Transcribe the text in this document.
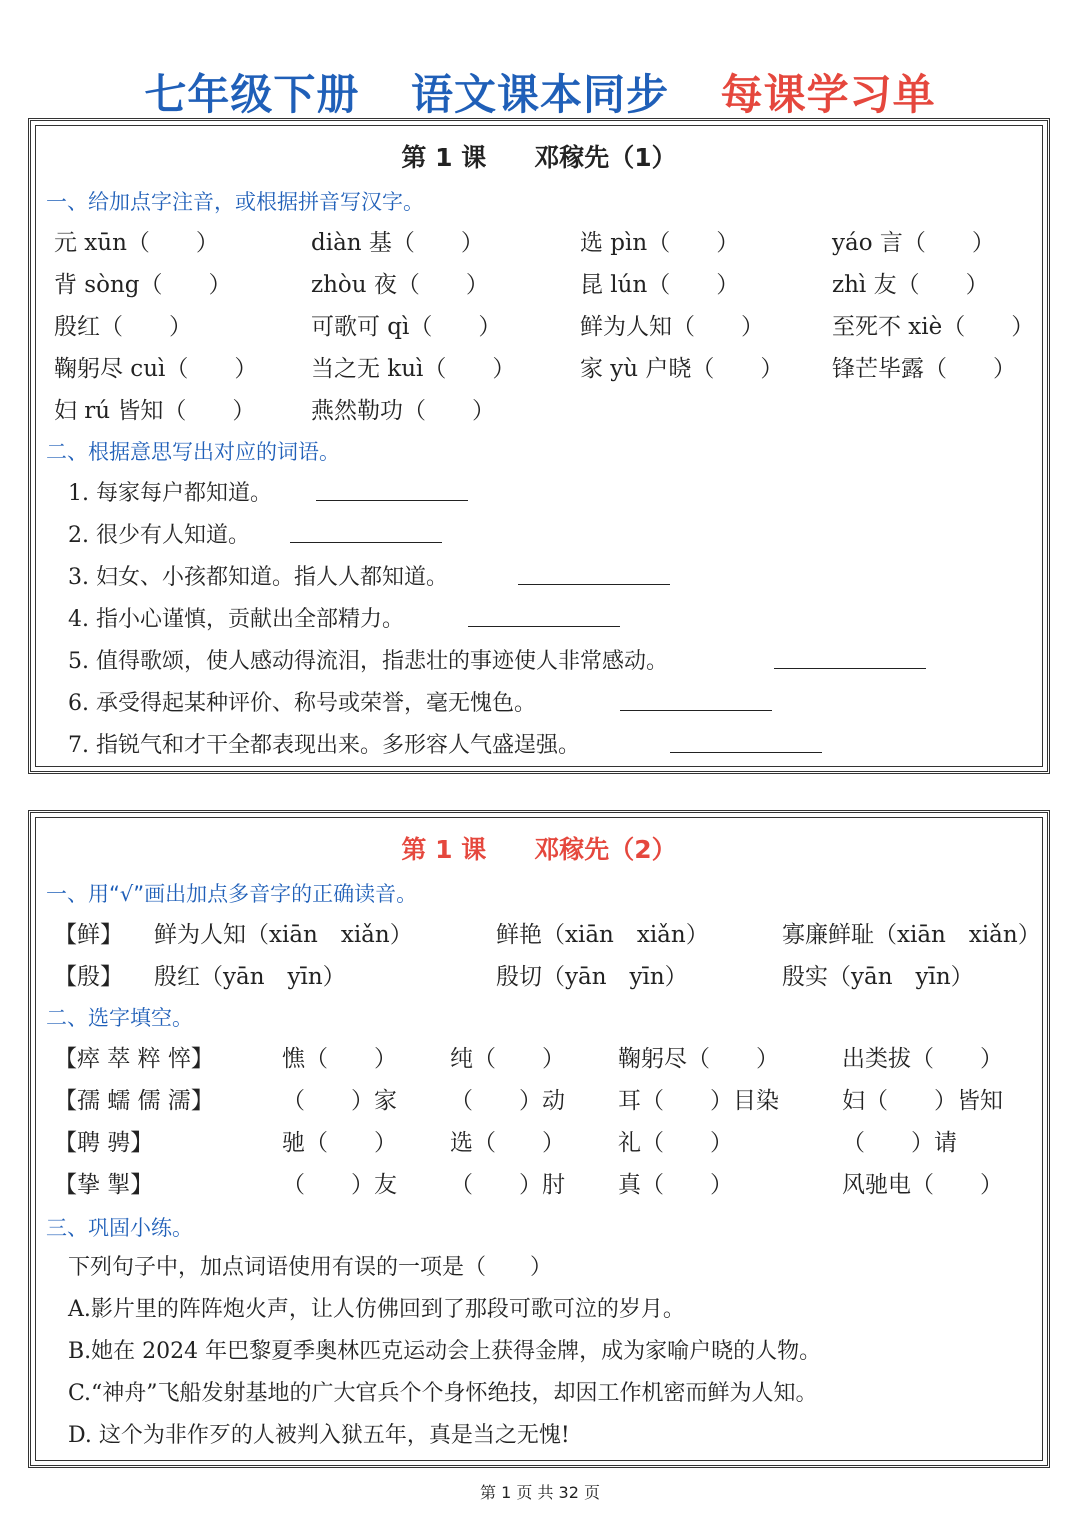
七年级下册 语文课本同步 每课学习单
第 1 课 邓稼先（1）
一、给加点字注音，或根据拼音写汉字。
元 xūn（　　）	diàn 基（　　）	选 pìn（　　）	yáo 言（　　）
背 sòng（　　）	zhòu 夜（　　）	昆 lún（　　）	zhì 友（　　）
殷红（　　）	可歌可 qì（　　）	鲜为人知（　　）	至死不 xiè（　　）
鞠躬尽 cuì（　　） 当之无 kuì（　　）	家 yù 户晓（　　） 锋芒毕露（　　）
妇 rú 皆知（　　） 燕然勒功（　　）
二、根据意思写出对应的词语。
1. 每家每户都知道。
2. 很少有人知道。
3. 妇女、小孩都知道。指人人都知道。
4. 指小心谨慎，贡献出全部精力。
5. 值得歌颂，使人感动得流泪，指悲壮的事迹使人非常感动。
6. 承受得起某种评价、称号或荣誉，毫无愧色。
7. 指锐气和才干全都表现出来。多形容人气盛逞强。
第 1 课 邓稼先（2）
一、用“√”画出加点多音字的正确读音。
【鲜】 鲜为人知（xiān　xiǎn）	鲜艳（xiān　xiǎn）	寡廉鲜耻（xiān　xiǎn）
【殷】 殷红（yān　yīn）	殷切（yān　yīn）	殷实（yān　yīn）
二、选字填空。
【瘁 萃 粹 悴】	憔（　　） 纯（　　） 鞠躬尽（　　）	出类拔（　　）
【孺 蠕 儒 濡】	（　　）家 （　　）动 耳（　　）目染	妇（　　）皆知
【聘 骋】	驰（　　） 选（　　） 礼（　　）	（　　）请
【挚 掣】	（　　）友 （　　）肘 真（　　）	风驰电（　　）
三、巩固小练。
下列句子中，加点词语使用有误的一项是（　　）
A.影片里的阵阵炮火声，让人仿佛回到了那段可歌可泣的岁月。
B.她在 2024 年巴黎夏季奥林匹克运动会上获得金牌，成为家喻户晓的人物。
C.“神舟”飞船发射基地的广大官兵个个身怀绝技，却因工作机密而鲜为人知。
D. 这个为非作歹的人被判入狱五年，真是当之无愧!
第 1 页 共 32 页
